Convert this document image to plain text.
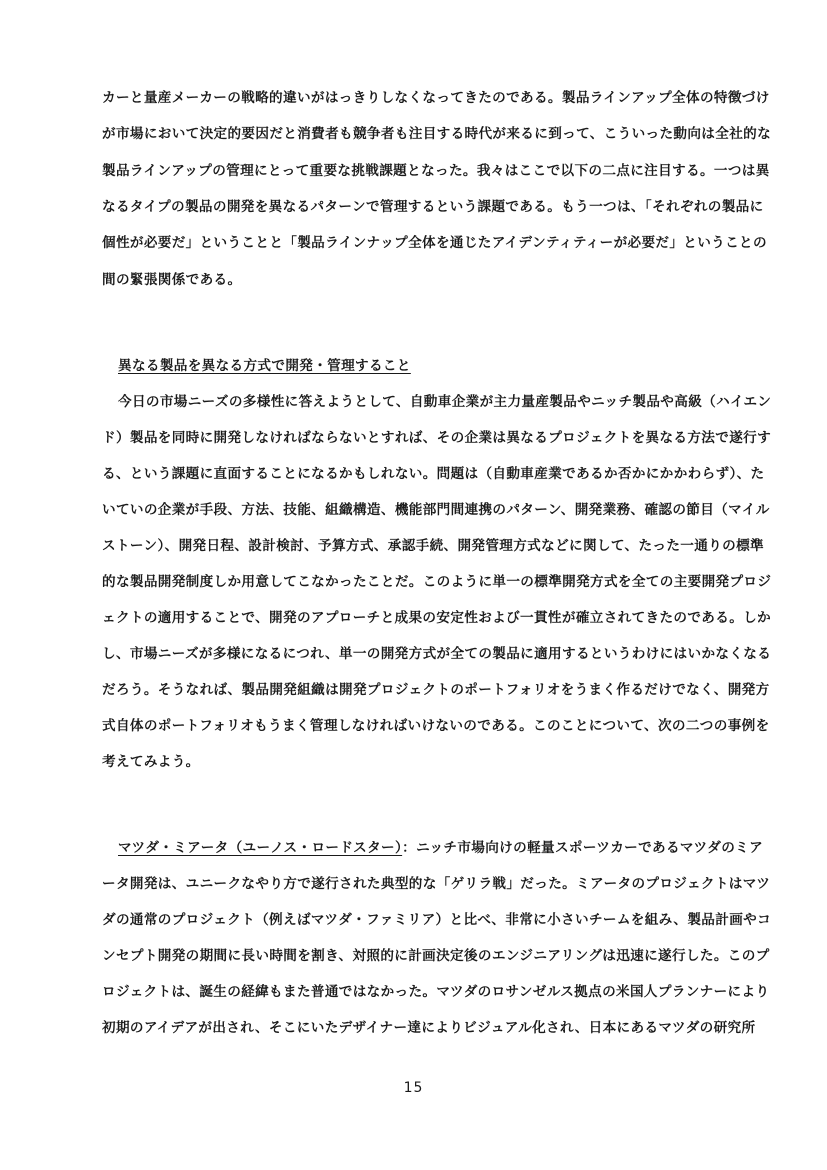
カーと量産メーカーの戦略的違いがはっきりしなくなってきたのである。製品ラインアップ全体の特徴づけ
が市場において決定的要因だと消費者も競争者も注目する時代が来るに到って、こういった動向は全社的な
製品ラインアップの管理にとって重要な挑戦課題となった。我々はここで以下の二点に注目する。一つは異
なるタイプの製品の開発を異なるパターンで管理するという課題である。もう一つは、「それぞれの製品に
個性が必要だ」ということと「製品ラインナップ全体を通じたアイデンティティーが必要だ」ということの
間の緊張関係である。
異なる製品を異なる方式で開発・管理すること
今日の市場ニーズの多様性に答えようとして、自動車企業が主力量産製品やニッチ製品や高級（ハイエン
ド）製品を同時に開発しなければならないとすれば、その企業は異なるプロジェクトを異なる方法で遂行す
る、という課題に直面することになるかもしれない。問題は（自動車産業であるか否かにかかわらず）、た
いていの企業が手段、方法、技能、組織構造、機能部門間連携のパターン、開発業務、確認の節目（マイル
ストーン）、開発日程、設計検討、予算方式、承認手続、開発管理方式などに関して、たった一通りの標準
的な製品開発制度しか用意してこなかったことだ。このように単一の標準開発方式を全ての主要開発プロジ
ェクトの適用することで、開発のアプローチと成果の安定性および一貫性が確立されてきたのである。しか
し、市場ニーズが多様になるにつれ、単一の開発方式が全ての製品に適用するというわけにはいかなくなる
だろう。そうなれば、製品開発組織は開発プロジェクトのポートフォリオをうまく作るだけでなく、開発方
式自体のポートフォリオもうまく管理しなければいけないのである。このことについて、次の二つの事例を
考えてみよう。
マツダ・ミアータ（ユーノス・ロードスター）：ニッチ市場向けの軽量スポーツカーであるマツダのミア
ータ開発は、ユニークなやり方で遂行された典型的な「ゲリラ戦」だった。ミアータのプロジェクトはマツ
ダの通常のプロジェクト（例えばマツダ・ファミリア）と比べ、非常に小さいチームを組み、製品計画やコ
ンセプト開発の期間に長い時間を割き、対照的に計画決定後のエンジニアリングは迅速に遂行した。このプ
ロジェクトは、誕生の経緯もまた普通ではなかった。マツダのロサンゼルス拠点の米国人プランナーにより
初期のアイデアが出され、そこにいたデザイナー達によりビジュアル化され、日本にあるマツダの研究所
15
